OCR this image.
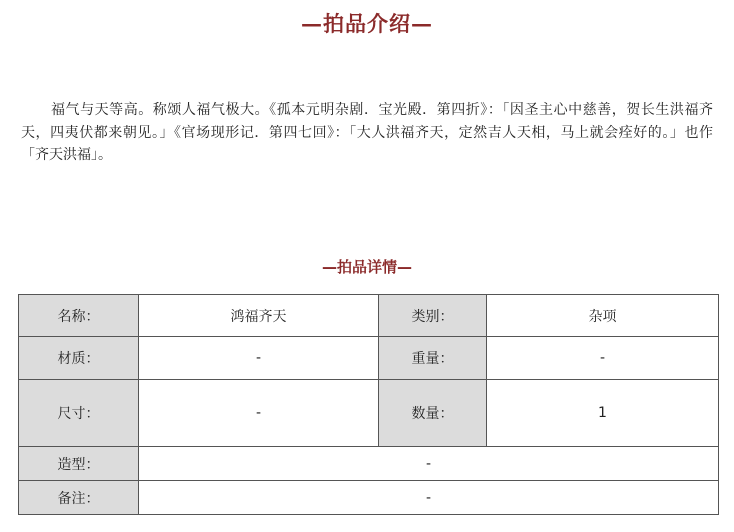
—拍品介绍—
福气与天等高。称颂人福气极大。《孤本元明杂剧．宝光殿．第四折》：「因圣主心中慈善，贺长生洪福齐天，四夷伏都来朝见。」《官场现形记．第四七回》：「大人洪福齐天，定然吉人天相，马上就会痊好的。」也作「齐天洪福」。
—拍品详情—
名称：	鸿福齐天	类别：	杂项
材质：	-	重量：	-
尺寸：	-	数量：	1
造型：	-		
备注：	-		
